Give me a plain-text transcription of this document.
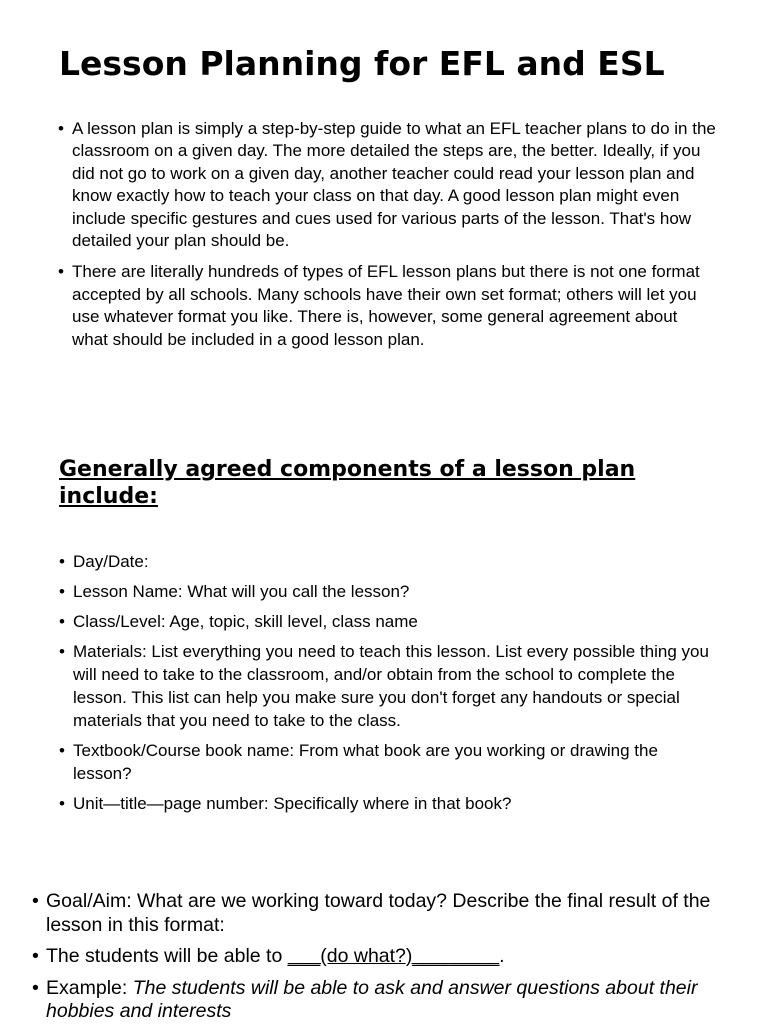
Lesson Planning for EFL and ESL
• A lesson plan is simply a step-by-step guide to what an EFL teacher plans to do in the classroom on a given day. The more detailed the steps are, the better. Ideally, if you did not go to work on a given day, another teacher could read your lesson plan and know exactly how to teach your class on that day. A good lesson plan might even include specific gestures and cues used for various parts of the lesson. That's how detailed your plan should be.
• There are literally hundreds of types of EFL lesson plans but there is not one format accepted by all schools. Many schools have their own set format; others will let you use whatever format you like. There is, however, some general agreement about what should be included in a good lesson plan.
Generally agreed components of a lesson plan include:
• Day/Date:
• Lesson Name: What will you call the lesson?
• Class/Level: Age, topic, skill level, class name
• Materials: List everything you need to teach this lesson. List every possible thing you will need to take to the classroom, and/or obtain from the school to complete the lesson. This list can help you make sure you don't forget any handouts or special materials that you need to take to the class.
• Textbook/Course book name: From what book are you working or drawing the lesson?
• Unit—title—page number: Specifically where in that book?
• Goal/Aim: What are we working toward today? Describe the final result of the lesson in this format:
• The students will be able to ___(do what?)________.
• Example: The students will be able to ask and answer questions about their hobbies and interests
